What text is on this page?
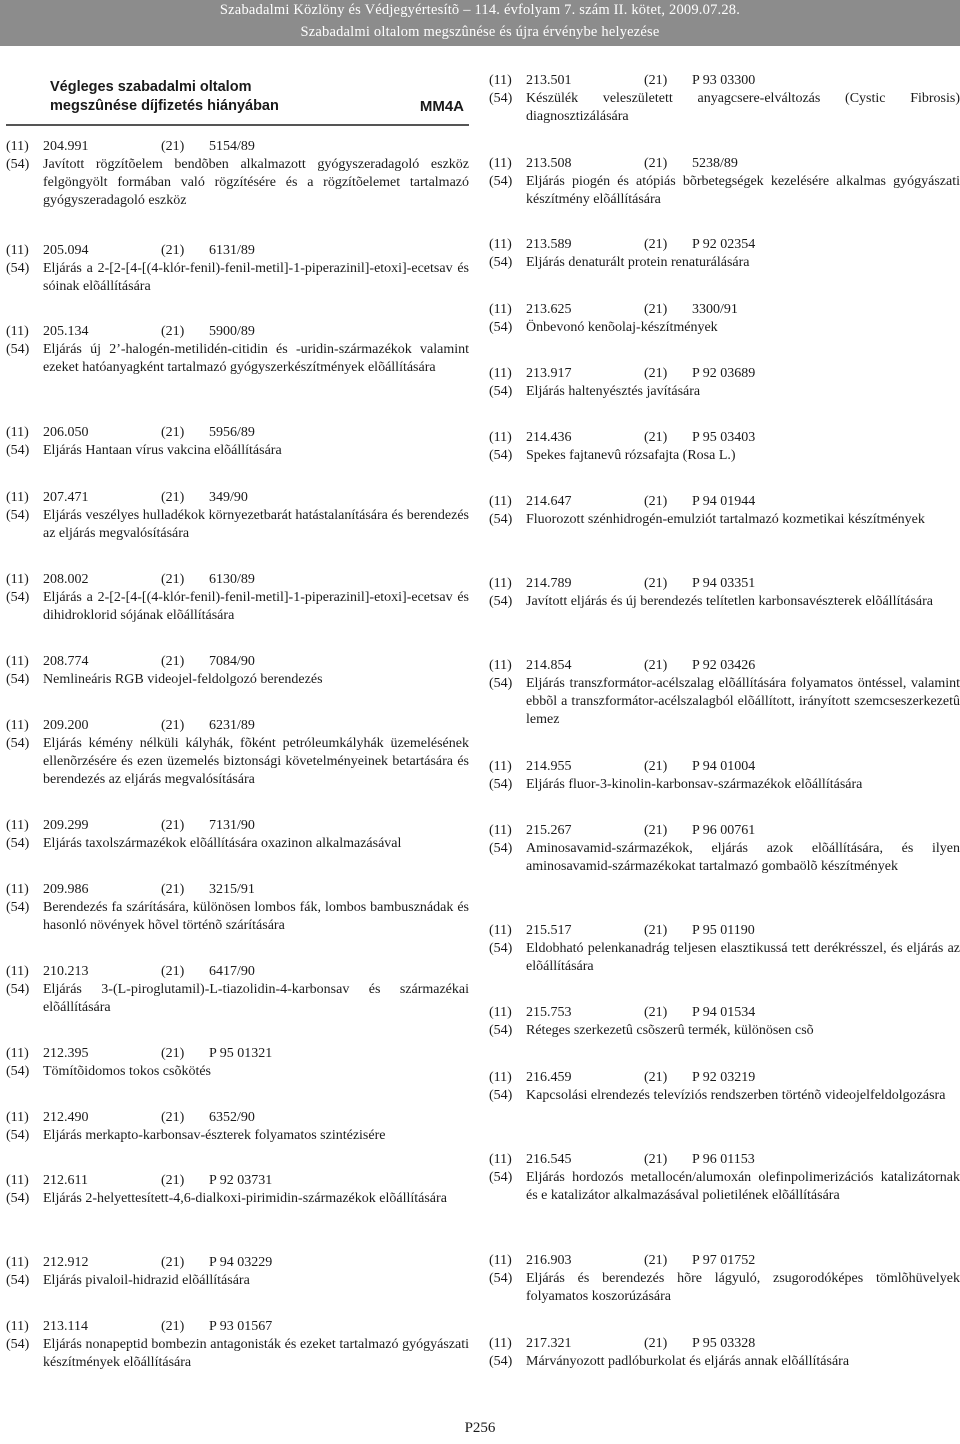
Szabadalmi Közlöny és Védjegyértesítõ – 114. évfolyam 7. szám II. kötet, 2009.07.28.
Szabadalmi oltalom megszûnése és újra érvénybe helyezése
Végleges szabadalmi oltalom
megszûnése díjfizetés hiányában	MM4A
(11)	204.991	(21) 5154/89
(54) Javított rögzítõelem bendõben alkalmazott gyógyszeradagoló eszköz felgöngyölt formában való rögzítésére és a rögzítõelemet tartalmazó gyógyszeradagoló eszköz
(11)	205.094	(21) 6131/89
(54) Eljárás a 2-[2-[4-[(4-klór-fenil)-fenil-metil]-1-piperazinil]-etoxi]-ecetsav és sóinak elõállítására
(11)	205.134	(21) 5900/89
(54) Eljárás új 2’-halogén-metilidén-citidin és -uridin-származékok valamint ezeket hatóanyagként tartalmazó gyógyszerkészítmények elõállítására
(11)	206.050	(21) 5956/89
(54) Eljárás Hantaan vírus vakcina elõállítására
(11)	207.471	(21) 349/90
(54) Eljárás veszélyes hulladékok környezetbarát hatástalanítására és berendezés az eljárás megvalósítására
(11)	208.002	(21) 6130/89
(54) Eljárás a 2-[2-[4-[(4-klór-fenil)-fenil-metil]-1-piperazinil]-etoxi]-ecetsav és dihidroklorid sójának elõállítására
(11)	208.774	(21) 7084/90
(54) Nemlineáris RGB videojel-feldolgozó berendezés
(11)	209.200	(21) 6231/89
(54) Eljárás kémény nélküli kályhák, fõként petróleumkályhák üzemelésének ellenõrzésére és ezen üzemelés biztonsági követelményeinek betartására és berendezés az eljárás megvalósítására
(11)	209.299	(21) 7131/90
(54) Eljárás taxolszármazékok elõállítására oxazinon alkalmazásával
(11)	209.986	(21) 3215/91
(54) Berendezés fa szárítására, különösen lombos fák, lombos bambusznádak és hasonló növények hõvel történõ szárítására
(11)	210.213	(21) 6417/90
(54) Eljárás 3-(L-piroglutamil)-L-tiazolidin-4-karbonsav és származékai elõállítására
(11)	212.395	(21) P 95 01321
(54) Tömítõidomos tokos csõkötés
(11)	212.490	(21) 6352/90
(54) Eljárás merkapto-karbonsav-észterek folyamatos szintézisére
(11)	212.611	(21) P 92 03731
(54) Eljárás 2-helyettesített-4,6-dialkoxi-pirimidin-származékok elõállítására
(11)	212.912	(21) P 94 03229
(54) Eljárás pivaloil-hidrazid elõállítására
(11)	213.114	(21) P 93 01567
(54) Eljárás nonapeptid bombezin antagonisták és ezeket tartalmazó gyógyászati készítmények elõállítására
(11)	213.501	(21) P 93 03300
(54) Készülék veleszületett anyagcsere-elváltozás (Cystic Fibrosis) diagnosztizálására
(11)	213.508	(21) 5238/89
(54) Eljárás piogén és atópiás bõrbetegségek kezelésére alkalmas gyógyászati készítmény elõállítására
(11)	213.589	(21) P 92 02354
(54) Eljárás denaturált protein renaturálására
(11)	213.625	(21) 3300/91
(54) Önbevonó kenõolaj-készítmények
(11)	213.917	(21) P 92 03689
(54) Eljárás haltenyésztés javítására
(11)	214.436	(21) P 95 03403
(54) Spekes fajtanevû rózsafajta (Rosa L.)
(11)	214.647	(21) P 94 01944
(54) Fluorozott szénhidrogén-emulziót tartalmazó kozmetikai készítmények
(11)	214.789	(21) P 94 03351
(54) Javított eljárás és új berendezés telítetlen karbonsavészterek elõállítására
(11)	214.854	(21) P 92 03426
(54) Eljárás transzformátor-acélszalag elõállítására folyamatos öntéssel, valamint ebbõl a transzformátor-acélszalagból elõállított, irányított szemcseszerkezetû lemez
(11)	214.955	(21) P 94 01004
(54) Eljárás fluor-3-kinolin-karbonsav-származékok elõállítására
(11)	215.267	(21) P 96 00761
(54) Aminosavamid-származékok, eljárás azok elõállítására, és ilyen aminosavamid-származékokat tartalmazó gombaölõ készítmények
(11)	215.517	(21) P 95 01190
(54) Eldobható pelenkanadrág teljesen elasztikussá tett derékrésszel, és eljárás az elõállítására
(11)	215.753	(21) P 94 01534
(54) Réteges szerkezetû csõszerû termék, különösen csõ
(11)	216.459	(21) P 92 03219
(54) Kapcsolási elrendezés televíziós rendszerben történõ videojelfeldolgozásra
(11)	216.545	(21) P 96 01153
(54) Eljárás hordozós metallocén/alumoxán olefinpolimerizációs katalizátornak és e katalizátor alkalmazásával polietilének elõállítására
(11)	216.903	(21) P 97 01752
(54) Eljárás és berendezés hõre lágyuló, zsugorodóképes tömlõhüvelyek folyamatos koszorúzására
(11)	217.321	(21) P 95 03328
(54) Márványozott padlóburkolat és eljárás annak elõállítására
P256
